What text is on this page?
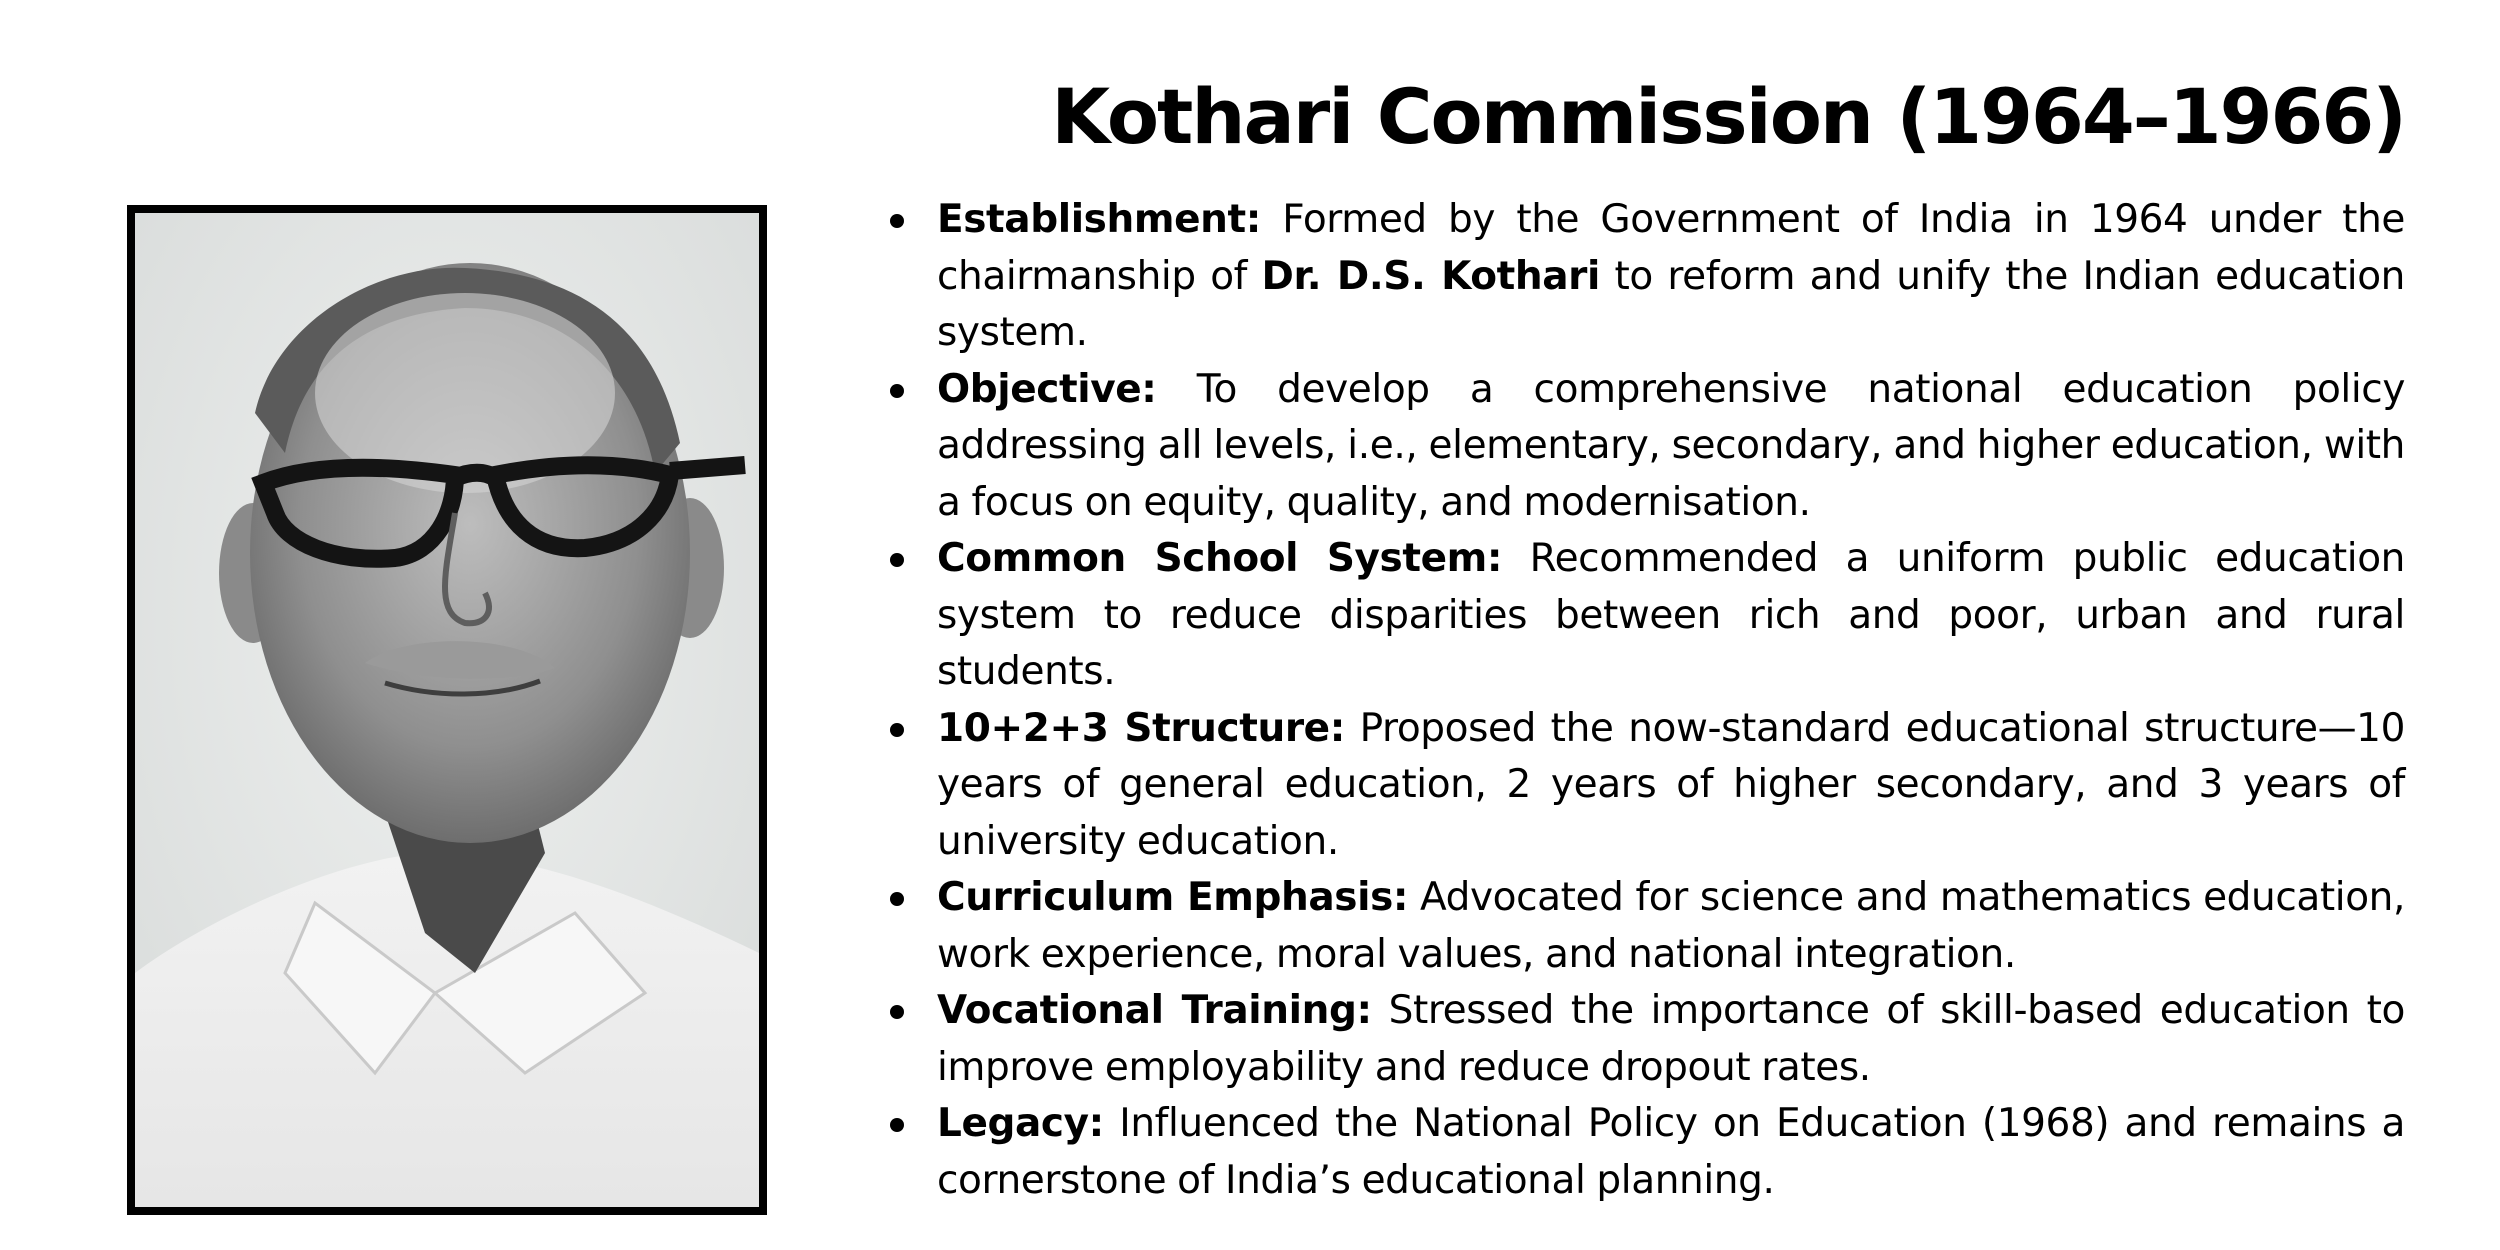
Kothari Commission (1964–1966)
Establishment: Formed by the Government of India in 1964 under the chairmanship of Dr. D.S. Kothari to reform and unify the Indian education system.
Objective: To develop a comprehensive national education policy addressing all levels, i.e., elementary, secondary, and higher education, with a focus on equity, quality, and modernisation.
Common School System: Recommended a uniform public education system to reduce disparities between rich and poor, urban and rural students.
10+2+3 Structure: Proposed the now-standard educational structure—10 years of general education, 2 years of higher secondary, and 3 years of university education.
Curriculum Emphasis: Advocated for science and mathematics education, work experience, moral values, and national integration.
Vocational Training: Stressed the importance of skill-based education to improve employability and reduce dropout rates.
Legacy: Influenced the National Policy on Education (1968) and remains a cornerstone of India’s educational planning.
